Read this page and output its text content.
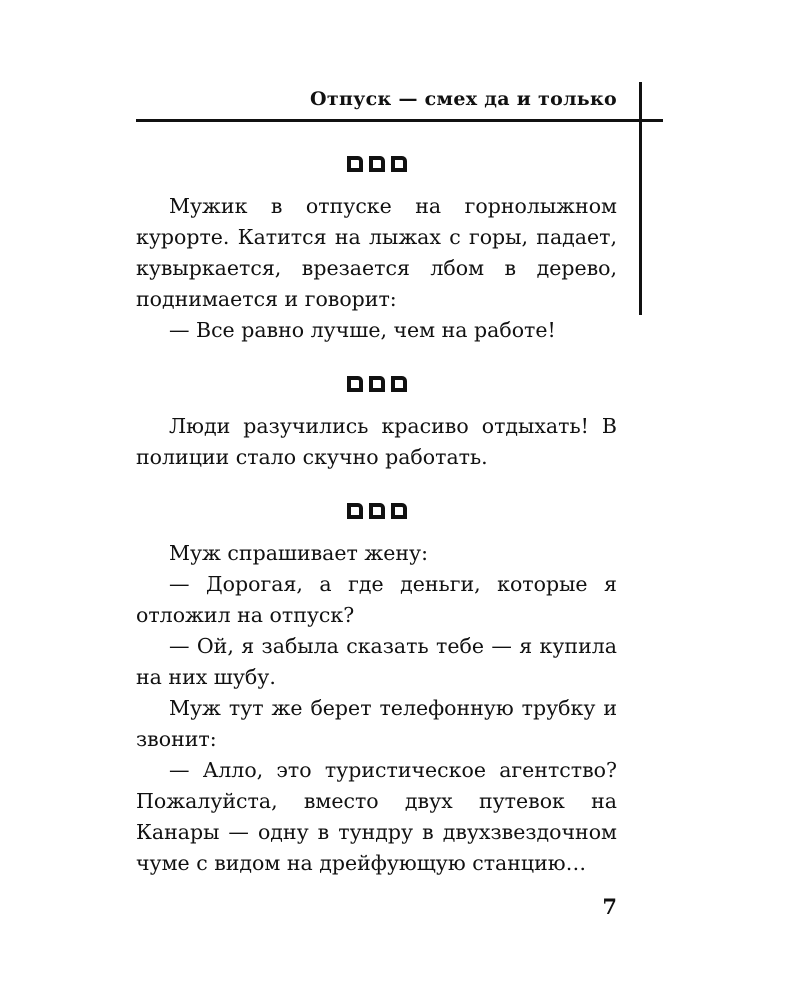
Отпуск — смех да и только

Мужик в отпуске на горнолыжном курорте. Катится на лыжах с горы, падает, кувыркается, врезается лбом в дерево, поднимается и говорит:

— Все равно лучше, чем на работе!

Люди разучились красиво отдыхать! В полиции стало скучно работать.

Муж спрашивает жену:

— Дорогая, а где деньги, которые я отложил на отпуск?

— Ой, я забыла сказать тебе — я купила на них шубу.

Муж тут же берет телефонную трубку и звонит:

— Алло, это туристическое агентство? Пожалуйста, вместо двух путевок на Канары — одну в тундру в двухзвездочном чуме с видом на дрейфующую станцию…

7
